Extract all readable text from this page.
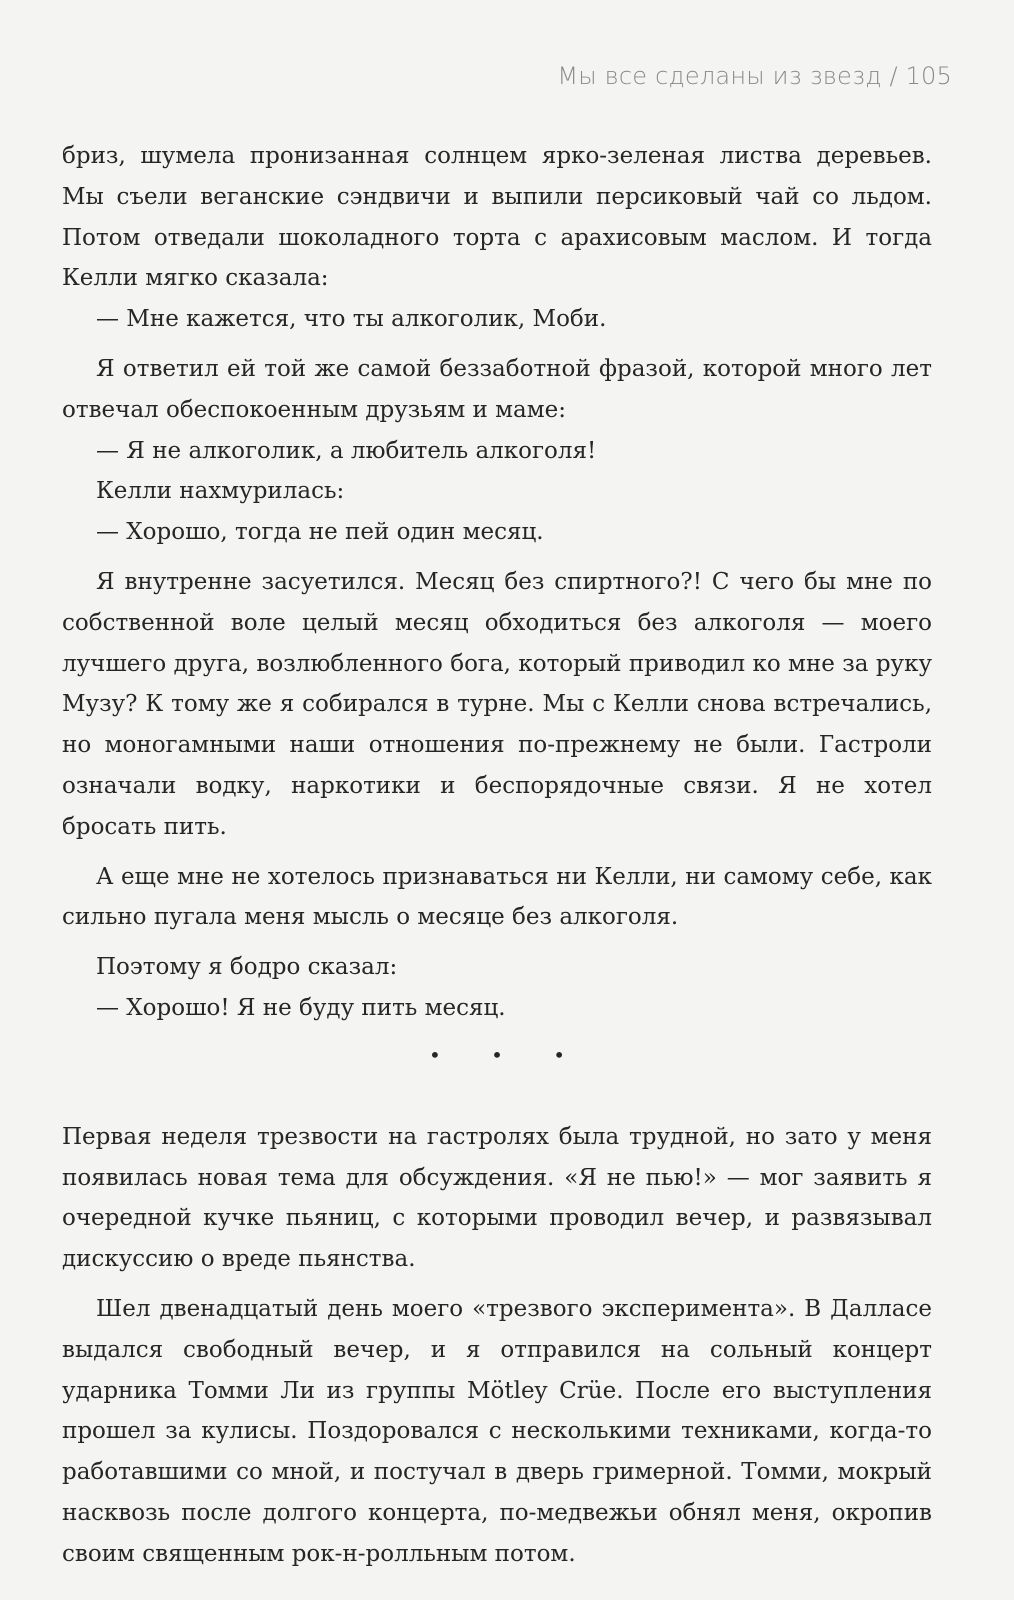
Мы все сделаны из звезд / 105

бриз, шумела пронизанная солнцем ярко-зеленая листва деревьев. Мы съели веганские сэндвичи и выпили персиковый чай со льдом. Потом отведали шоколадного торта с арахисовым маслом. И тогда Келли мягко сказала:

— Мне кажется, что ты алкоголик, Моби.

Я ответил ей той же самой беззаботной фразой, которой много лет отвечал обеспокоенным друзьям и маме:

— Я не алкоголик, а любитель алкоголя!

Келли нахмурилась:

— Хорошо, тогда не пей один месяц.

Я внутренне засуетился. Месяц без спиртного?! С чего бы мне по собственной воле целый месяц обходиться без алкоголя — моего лучшего друга, возлюбленного бога, который приводил ко мне за руку Музу? К тому же я собирался в турне. Мы с Келли снова встречались, но моногамными наши отношения по-прежнему не были. Гастроли означали водку, наркотики и беспорядочные связи. Я не хотел бросать пить.

А еще мне не хотелось признаваться ни Келли, ни самому себе, как сильно пугала меня мысль о месяце без алкоголя.

Поэтому я бодро сказал:

— Хорошо! Я не буду пить месяц.

• • •

Первая неделя трезвости на гастролях была трудной, но зато у меня появилась новая тема для обсуждения. «Я не пью!» — мог заявить я очередной кучке пьяниц, с которыми проводил вечер, и развязывал дискуссию о вреде пьянства.

Шел двенадцатый день моего «трезвого эксперимента». В Далласе выдался свободный вечер, и я отправился на сольный концерт ударника Томми Ли из группы Mötley Crüe. После его выступления прошел за кулисы. Поздоровался с несколькими техниками, когда-то работавшими со мной, и постучал в дверь гримерной. Томми, мокрый насквозь после долгого концерта, по-медвежьи обнял меня, окропив своим священным рок-н-ролльным потом.
